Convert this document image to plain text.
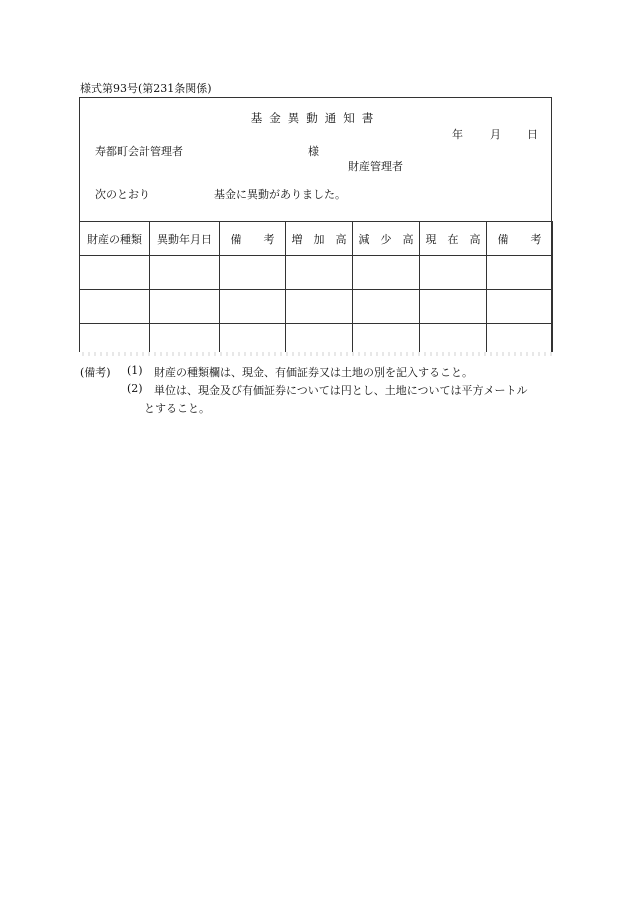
様式第93号(第231条関係)
基金異動通知書
年 月 日
寿都町会計管理者	様
財産管理者
次のとおり	基金に異動がありました。
財産の種類	異動年月日	備　　考	増　加　高	減　少　高	現　在　高	備　　考

(備考) (1) 財産の種類欄は、現金、有価証券又は土地の別を記入すること。
(2) 単位は、現金及び有価証券については円とし、土地については平方メートル
とすること。
